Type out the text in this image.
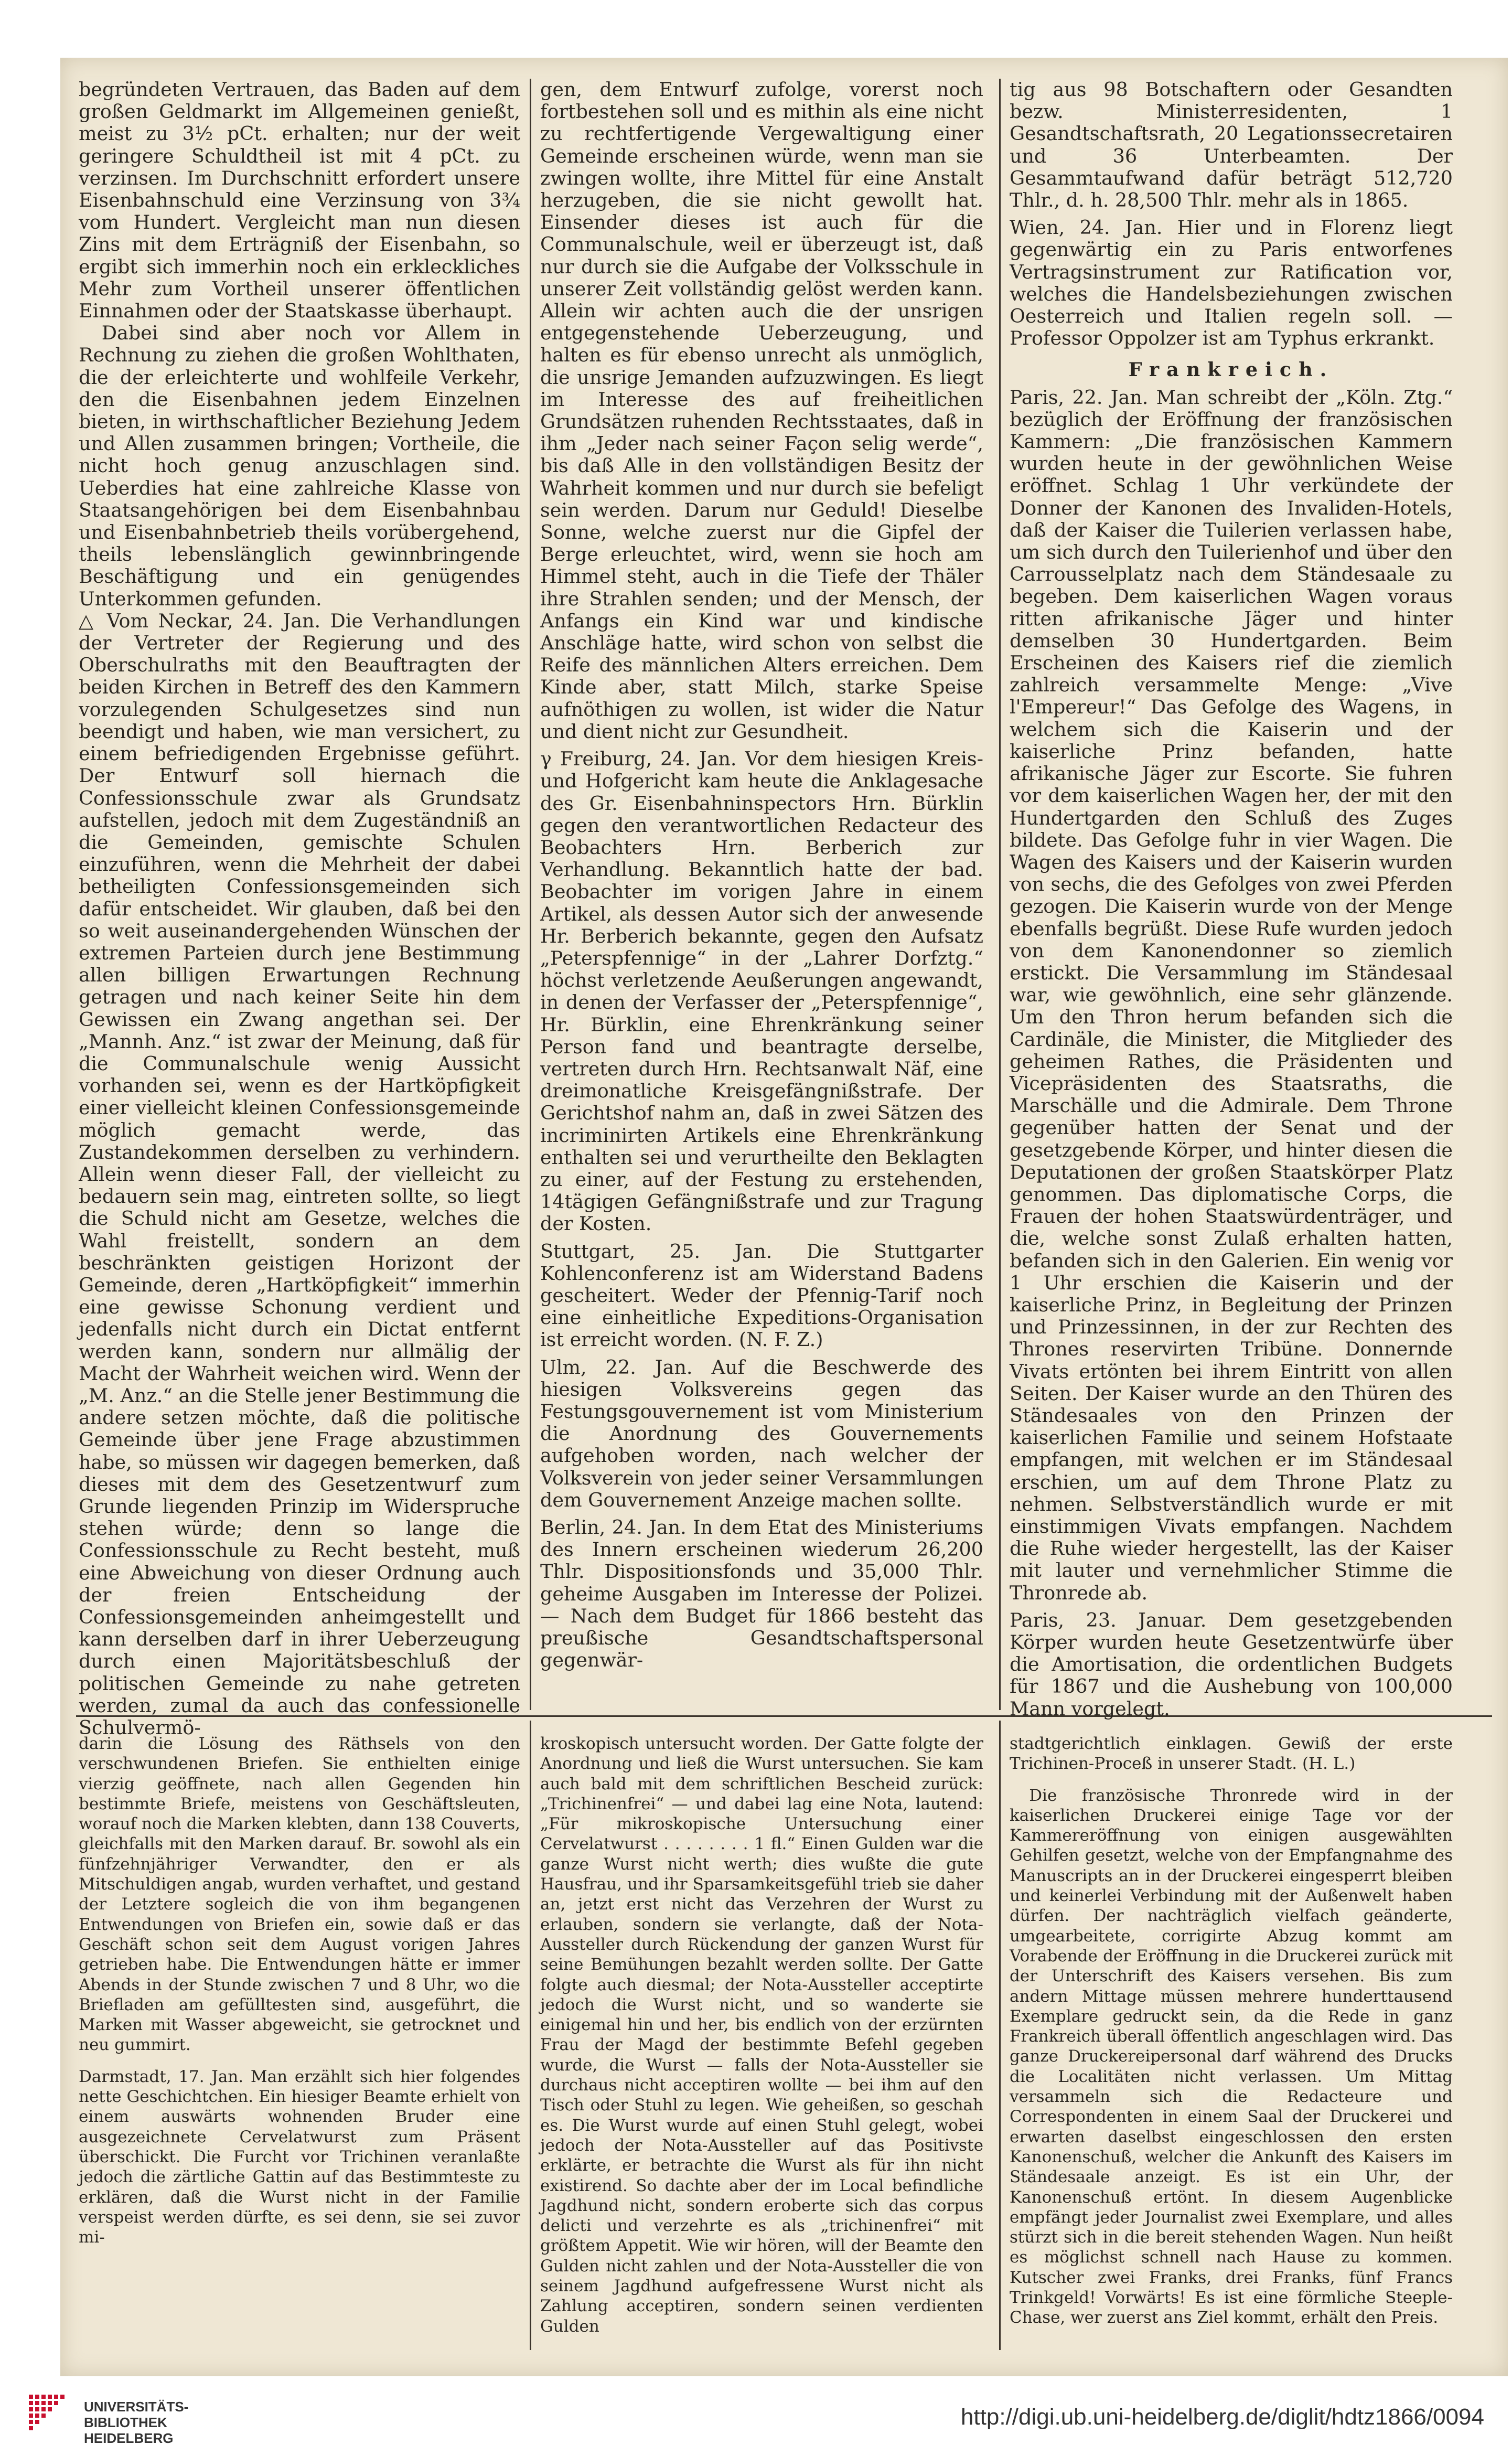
begründeten Vertrauen, das Baden auf dem großen Geldmarkt im Allgemeinen genießt, meist zu 3½ pCt. erhalten; nur der weit geringere Schuldtheil ist mit 4 pCt. zu verzinsen. Im Durchschnitt erfordert unsere Eisenbahnschuld eine Verzinsung von 3¾ vom Hundert. Vergleicht man nun diesen Zins mit dem Erträgniß der Eisenbahn, so ergibt sich immerhin noch ein erkleckliches Mehr zum Vortheil unserer öffentlichen Einnahmen oder der Staatskasse überhaupt.

Dabei sind aber noch vor Allem in Rechnung zu ziehen die großen Wohlthaten, die der erleichterte und wohlfeile Verkehr, den die Eisenbahnen jedem Einzelnen bieten, in wirthschaftlicher Beziehung Jedem und Allen zusammen bringen; Vortheile, die nicht hoch genug anzuschlagen sind. Ueberdies hat eine zahlreiche Klasse von Staatsangehörigen bei dem Eisenbahnbau und Eisenbahnbetrieb theils vorübergehend, theils lebenslänglich gewinnbringende Beschäftigung und ein genügendes Unterkommen gefunden.

△ Vom Neckar, 24. Jan. Die Verhandlungen der Vertreter der Regierung und des Oberschulraths mit den Beauftragten der beiden Kirchen in Betreff des den Kammern vorzulegenden Schulgesetzes sind nun beendigt und haben, wie man versichert, zu einem befriedigenden Ergebnisse geführt. Der Entwurf soll hiernach die Confessionsschule zwar als Grundsatz aufstellen, jedoch mit dem Zugeständniß an die Gemeinden, gemischte Schulen einzuführen, wenn die Mehrheit der dabei betheiligten Confessionsgemeinden sich dafür entscheidet. Wir glauben, daß bei den so weit auseinandergehenden Wünschen der extremen Parteien durch jene Bestimmung allen billigen Erwartungen Rechnung getragen und nach keiner Seite hin dem Gewissen ein Zwang angethan sei. Der „Mannh. Anz.“ ist zwar der Meinung, daß für die Communalschule wenig Aussicht vorhanden sei, wenn es der Hartköpfigkeit einer vielleicht kleinen Confessionsgemeinde möglich gemacht werde, das Zustandekommen derselben zu verhindern. Allein wenn dieser Fall, der vielleicht zu bedauern sein mag, eintreten sollte, so liegt die Schuld nicht am Gesetze, welches die Wahl freistellt, sondern an dem beschränkten geistigen Horizont der Gemeinde, deren „Hartköpfigkeit“ immerhin eine gewisse Schonung verdient und jedenfalls nicht durch ein Dictat entfernt werden kann, sondern nur allmälig der Macht der Wahrheit weichen wird. Wenn der „M. Anz.“ an die Stelle jener Bestimmung die andere setzen möchte, daß die politische Gemeinde über jene Frage abzustimmen habe, so müssen wir dagegen bemerken, daß dieses mit dem des Gesetzentwurf zum Grunde liegenden Prinzip im Widerspruche stehen würde; denn so lange die Confessionsschule zu Recht besteht, muß eine Abweichung von dieser Ordnung auch der freien Entscheidung der Confessionsgemeinden anheimgestellt und kann derselben darf in ihrer Ueberzeugung durch einen Majoritätsbeschluß der politischen Gemeinde zu nahe getreten werden, zumal da auch das confessionelle Schulvermö-

gen, dem Entwurf zufolge, vorerst noch fortbestehen soll und es mithin als eine nicht zu rechtfertigende Vergewaltigung einer Gemeinde erscheinen würde, wenn man sie zwingen wollte, ihre Mittel für eine Anstalt herzugeben, die sie nicht gewollt hat. Einsender dieses ist auch für die Communalschule, weil er überzeugt ist, daß nur durch sie die Aufgabe der Volksschule in unserer Zeit vollständig gelöst werden kann. Allein wir achten auch die der unsrigen entgegenstehende Ueberzeugung, und halten es für ebenso unrecht als unmöglich, die unsrige Jemanden aufzuzwingen. Es liegt im Interesse des auf freiheitlichen Grundsätzen ruhenden Rechtsstaates, daß in ihm „Jeder nach seiner Façon selig werde“, bis daß Alle in den vollständigen Besitz der Wahrheit kommen und nur durch sie befeligt sein werden. Darum nur Geduld! Dieselbe Sonne, welche zuerst nur die Gipfel der Berge erleuchtet, wird, wenn sie hoch am Himmel steht, auch in die Tiefe der Thäler ihre Strahlen senden; und der Mensch, der Anfangs ein Kind war und kindische Anschläge hatte, wird schon von selbst die Reife des männlichen Alters erreichen. Dem Kinde aber, statt Milch, starke Speise aufnöthigen zu wollen, ist wider die Natur und dient nicht zur Gesundheit.

γ Freiburg, 24. Jan. Vor dem hiesigen Kreis- und Hofgericht kam heute die Anklagesache des Gr. Eisenbahninspectors Hrn. Bürklin gegen den verantwortlichen Redacteur des Beobachters Hrn. Berberich zur Verhandlung. Bekanntlich hatte der bad. Beobachter im vorigen Jahre in einem Artikel, als dessen Autor sich der anwesende Hr. Berberich bekannte, gegen den Aufsatz „Peterspfennige“ in der „Lahrer Dorfztg.“ höchst verletzende Aeußerungen angewandt, in denen der Verfasser der „Peterspfennige“, Hr. Bürklin, eine Ehrenkränkung seiner Person fand und beantragte derselbe, vertreten durch Hrn. Rechtsanwalt Näf, eine dreimonatliche Kreisgefängnißstrafe. Der Gerichtshof nahm an, daß in zwei Sätzen des incriminirten Artikels eine Ehrenkränkung enthalten sei und verurtheilte den Beklagten zu einer, auf der Festung zu erstehenden, 14tägigen Gefängnißstrafe und zur Tragung der Kosten.

Stuttgart, 25. Jan. Die Stuttgarter Kohlenconferenz ist am Widerstand Badens gescheitert. Weder der Pfennig-Tarif noch eine einheitliche Expeditions-Organisation ist erreicht worden. (N. F. Z.)

Ulm, 22. Jan. Auf die Beschwerde des hiesigen Volksvereins gegen das Festungsgouvernement ist vom Ministerium die Anordnung des Gouvernements aufgehoben worden, nach welcher der Volksverein von jeder seiner Versammlungen dem Gouvernement Anzeige machen sollte.

Berlin, 24. Jan. In dem Etat des Ministeriums des Innern erscheinen wiederum 26,200 Thlr. Dispositionsfonds und 35,000 Thlr. geheime Ausgaben im Interesse der Polizei. — Nach dem Budget für 1866 besteht das preußische Gesandtschaftspersonal gegenwär-

tig aus 98 Botschaftern oder Gesandten bezw. Ministerresidenten, 1 Gesandtschaftsrath, 20 Legationssecretairen und 36 Unterbeamten. Der Gesammtaufwand dafür beträgt 512,720 Thlr., d. h. 28,500 Thlr. mehr als in 1865.

Wien, 24. Jan. Hier und in Florenz liegt gegenwärtig ein zu Paris entworfenes Vertragsinstrument zur Ratification vor, welches die Handelsbeziehungen zwischen Oesterreich und Italien regeln soll. — Professor Oppolzer ist am Typhus erkrankt.

Frankreich.

Paris, 22. Jan. Man schreibt der „Köln. Ztg.“ bezüglich der Eröffnung der französischen Kammern: „Die französischen Kammern wurden heute in der gewöhnlichen Weise eröffnet. Schlag 1 Uhr verkündete der Donner der Kanonen des Invaliden-Hotels, daß der Kaiser die Tuilerien verlassen habe, um sich durch den Tuilerienhof und über den Carrousselplatz nach dem Ständesaale zu begeben. Dem kaiserlichen Wagen voraus ritten afrikanische Jäger und hinter demselben 30 Hundertgarden. Beim Erscheinen des Kaisers rief die ziemlich zahlreich versammelte Menge: „Vive l'Empereur!“ Das Gefolge des Wagens, in welchem sich die Kaiserin und der kaiserliche Prinz befanden, hatte afrikanische Jäger zur Escorte. Sie fuhren vor dem kaiserlichen Wagen her, der mit den Hundertgarden den Schluß des Zuges bildete. Das Gefolge fuhr in vier Wagen. Die Wagen des Kaisers und der Kaiserin wurden von sechs, die des Gefolges von zwei Pferden gezogen. Die Kaiserin wurde von der Menge ebenfalls begrüßt. Diese Rufe wurden jedoch von dem Kanonendonner so ziemlich erstickt. Die Versammlung im Ständesaal war, wie gewöhnlich, eine sehr glänzende. Um den Thron herum befanden sich die Cardinäle, die Minister, die Mitglieder des geheimen Rathes, die Präsidenten und Vicepräsidenten des Staatsraths, die Marschälle und die Admirale. Dem Throne gegenüber hatten der Senat und der gesetzgebende Körper, und hinter diesen die Deputationen der großen Staatskörper Platz genommen. Das diplomatische Corps, die Frauen der hohen Staatswürdenträger, und die, welche sonst Zulaß erhalten hatten, befanden sich in den Galerien. Ein wenig vor 1 Uhr erschien die Kaiserin und der kaiserliche Prinz, in Begleitung der Prinzen und Prinzessinnen, in der zur Rechten des Thrones reservirten Tribüne. Donnernde Vivats ertönten bei ihrem Eintritt von allen Seiten. Der Kaiser wurde an den Thüren des Ständesaales von den Prinzen der kaiserlichen Familie und seinem Hofstaate empfangen, mit welchen er im Ständesaal erschien, um auf dem Throne Platz zu nehmen. Selbstverständlich wurde er mit einstimmigen Vivats empfangen. Nachdem die Ruhe wieder hergestellt, las der Kaiser mit lauter und vernehmlicher Stimme die Thronrede ab.

Paris, 23. Januar. Dem gesetzgebenden Körper wurden heute Gesetzentwürfe über die Amortisation, die ordentlichen Budgets für 1867 und die Aushebung von 100,000 Mann vorgelegt.

darin die Lösung des Räthsels von den verschwundenen Briefen. Sie enthielten einige vierzig geöffnete, nach allen Gegenden hin bestimmte Briefe, meistens von Geschäftsleuten, worauf noch die Marken klebten, dann 138 Couverts, gleichfalls mit den Marken darauf. Br. sowohl als ein fünfzehnjähriger Verwandter, den er als Mitschuldigen angab, wurden verhaftet, und gestand der Letztere sogleich die von ihm begangenen Entwendungen von Briefen ein, sowie daß er das Geschäft schon seit dem August vorigen Jahres getrieben habe. Die Entwendungen hätte er immer Abends in der Stunde zwischen 7 und 8 Uhr, wo die Briefladen am gefülltesten sind, ausgeführt, die Marken mit Wasser abgeweicht, sie getrocknet und neu gummirt.

Darmstadt, 17. Jan. Man erzählt sich hier folgendes nette Geschichtchen. Ein hiesiger Beamte erhielt von einem auswärts wohnenden Bruder eine ausgezeichnete Cervelatwurst zum Präsent überschickt. Die Furcht vor Trichinen veranlaßte jedoch die zärtliche Gattin auf das Bestimmteste zu erklären, daß die Wurst nicht in der Familie verspeist werden dürfte, es sei denn, sie sei zuvor mi-

kroskopisch untersucht worden. Der Gatte folgte der Anordnung und ließ die Wurst untersuchen. Sie kam auch bald mit dem schriftlichen Bescheid zurück: „Trichinenfrei“ — und dabei lag eine Nota, lautend: „Für mikroskopische Untersuchung einer Cervelatwurst . . . . . . . . 1 fl.“ Einen Gulden war die ganze Wurst nicht werth; dies wußte die gute Hausfrau, und ihr Sparsamkeitsgefühl trieb sie daher an, jetzt erst nicht das Verzehren der Wurst zu erlauben, sondern sie verlangte, daß der Nota-Aussteller durch Rückendung der ganzen Wurst für seine Bemühungen bezahlt werden sollte. Der Gatte folgte auch diesmal; der Nota-Aussteller acceptirte jedoch die Wurst nicht, und so wanderte sie einigemal hin und her, bis endlich von der erzürnten Frau der Magd der bestimmte Befehl gegeben wurde, die Wurst — falls der Nota-Aussteller sie durchaus nicht acceptiren wollte — bei ihm auf den Tisch oder Stuhl zu legen. Wie geheißen, so geschah es. Die Wurst wurde auf einen Stuhl gelegt, wobei jedoch der Nota-Aussteller auf das Positivste erklärte, er betrachte die Wurst als für ihn nicht existirend. So dachte aber der im Local befindliche Jagdhund nicht, sondern eroberte sich das corpus delicti und verzehrte es als „trichinenfrei“ mit größtem Appetit. Wie wir hören, will der Beamte den Gulden nicht zahlen und der Nota-Aussteller die von seinem Jagdhund aufgefressene Wurst nicht als Zahlung acceptiren, sondern seinen verdienten Gulden

stadtgerichtlich einklagen. Gewiß der erste Trichinen-Proceß in unserer Stadt. (H. L.)

Die französische Thronrede wird in der kaiserlichen Druckerei einige Tage vor der Kammereröffnung von einigen ausgewählten Gehilfen gesetzt, welche von der Empfangnahme des Manuscripts an in der Druckerei eingesperrt bleiben und keinerlei Verbindung mit der Außenwelt haben dürfen. Der nachträglich vielfach geänderte, umgearbeitete, corrigirte Abzug kommt am Vorabende der Eröffnung in die Druckerei zurück mit der Unterschrift des Kaisers versehen. Bis zum andern Mittage müssen mehrere hunderttausend Exemplare gedruckt sein, da die Rede in ganz Frankreich überall öffentlich angeschlagen wird. Das ganze Druckereipersonal darf während des Drucks die Localitäten nicht verlassen. Um Mittag versammeln sich die Redacteure und Correspondenten in einem Saal der Druckerei und erwarten daselbst eingeschlossen den ersten Kanonenschuß, welcher die Ankunft des Kaisers im Ständesaale anzeigt. Es ist ein Uhr, der Kanonenschuß ertönt. In diesem Augenblicke empfängt jeder Journalist zwei Exemplare, und alles stürzt sich in die bereit stehenden Wagen. Nun heißt es möglichst schnell nach Hause zu kommen. Kutscher zwei Franks, drei Franks, fünf Francs Trinkgeld! Vorwärts! Es ist eine förmliche Steeple-Chase, wer zuerst ans Ziel kommt, erhält den Preis.

UNIVERSITÄTS-
BIBLIOTHEK
HEIDELBERG
http://digi.ub.uni-heidelberg.de/diglit/hdtz1866/0094
